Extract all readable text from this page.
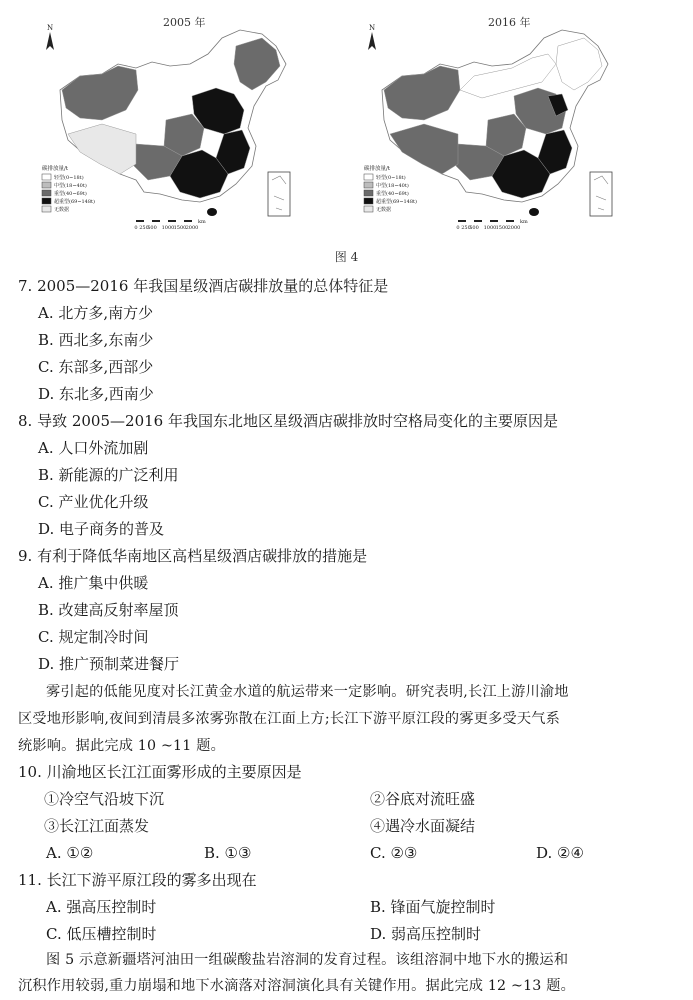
2005 年	2016 年
N
碳排放量/t
轻型(0~18t)
中型(18~40t)
重型(40~69t)
超重型(69~148t)
无数据
0 250
500 1000 1500 2000
km
N
碳排放量/t
轻型(0~18t)
中型(18~40t)
重型(40~69t)
超重型(69~148t)
无数据
0 250
500 1000 1500 2000
km
图 4
7. 2005—2016 年我国星级酒店碳排放量的总体特征是
A. 北方多,南方少
B. 西北多,东南少
C. 东部多,西部少
D. 东北多,西南少
8. 导致 2005—2016 年我国东北地区星级酒店碳排放时空格局变化的主要原因是
A. 人口外流加剧
B. 新能源的广泛利用
C. 产业优化升级
D. 电子商务的普及
9. 有利于降低华南地区高档星级酒店碳排放的措施是
A. 推广集中供暖
B. 改建高反射率屋顶
C. 规定制冷时间
D. 推广预制菜进餐厅
雾引起的低能见度对长江黄金水道的航运带来一定影响。研究表明,长江上游川渝地
区受地形影响,夜间到清晨多浓雾弥散在江面上方;长江下游平原江段的雾更多受天气系
统影响。据此完成 10 ~11 题。
10. 川渝地区长江江面雾形成的主要原因是
①冷空气沿坡下沉	②谷底对流旺盛
③长江江面蒸发	④遇冷水面凝结
A. ①②	B. ①③	C. ②③	D. ②④
11. 长江下游平原江段的雾多出现在
A. 强高压控制时	B. 锋面气旋控制时
C. 低压槽控制时	D. 弱高压控制时
图 5 示意新疆塔河油田一组碳酸盐岩溶洞的发育过程。该组溶洞中地下水的搬运和
沉积作用较弱,重力崩塌和地下水滴落对溶洞演化具有关键作用。据此完成 12 ~13 题。
